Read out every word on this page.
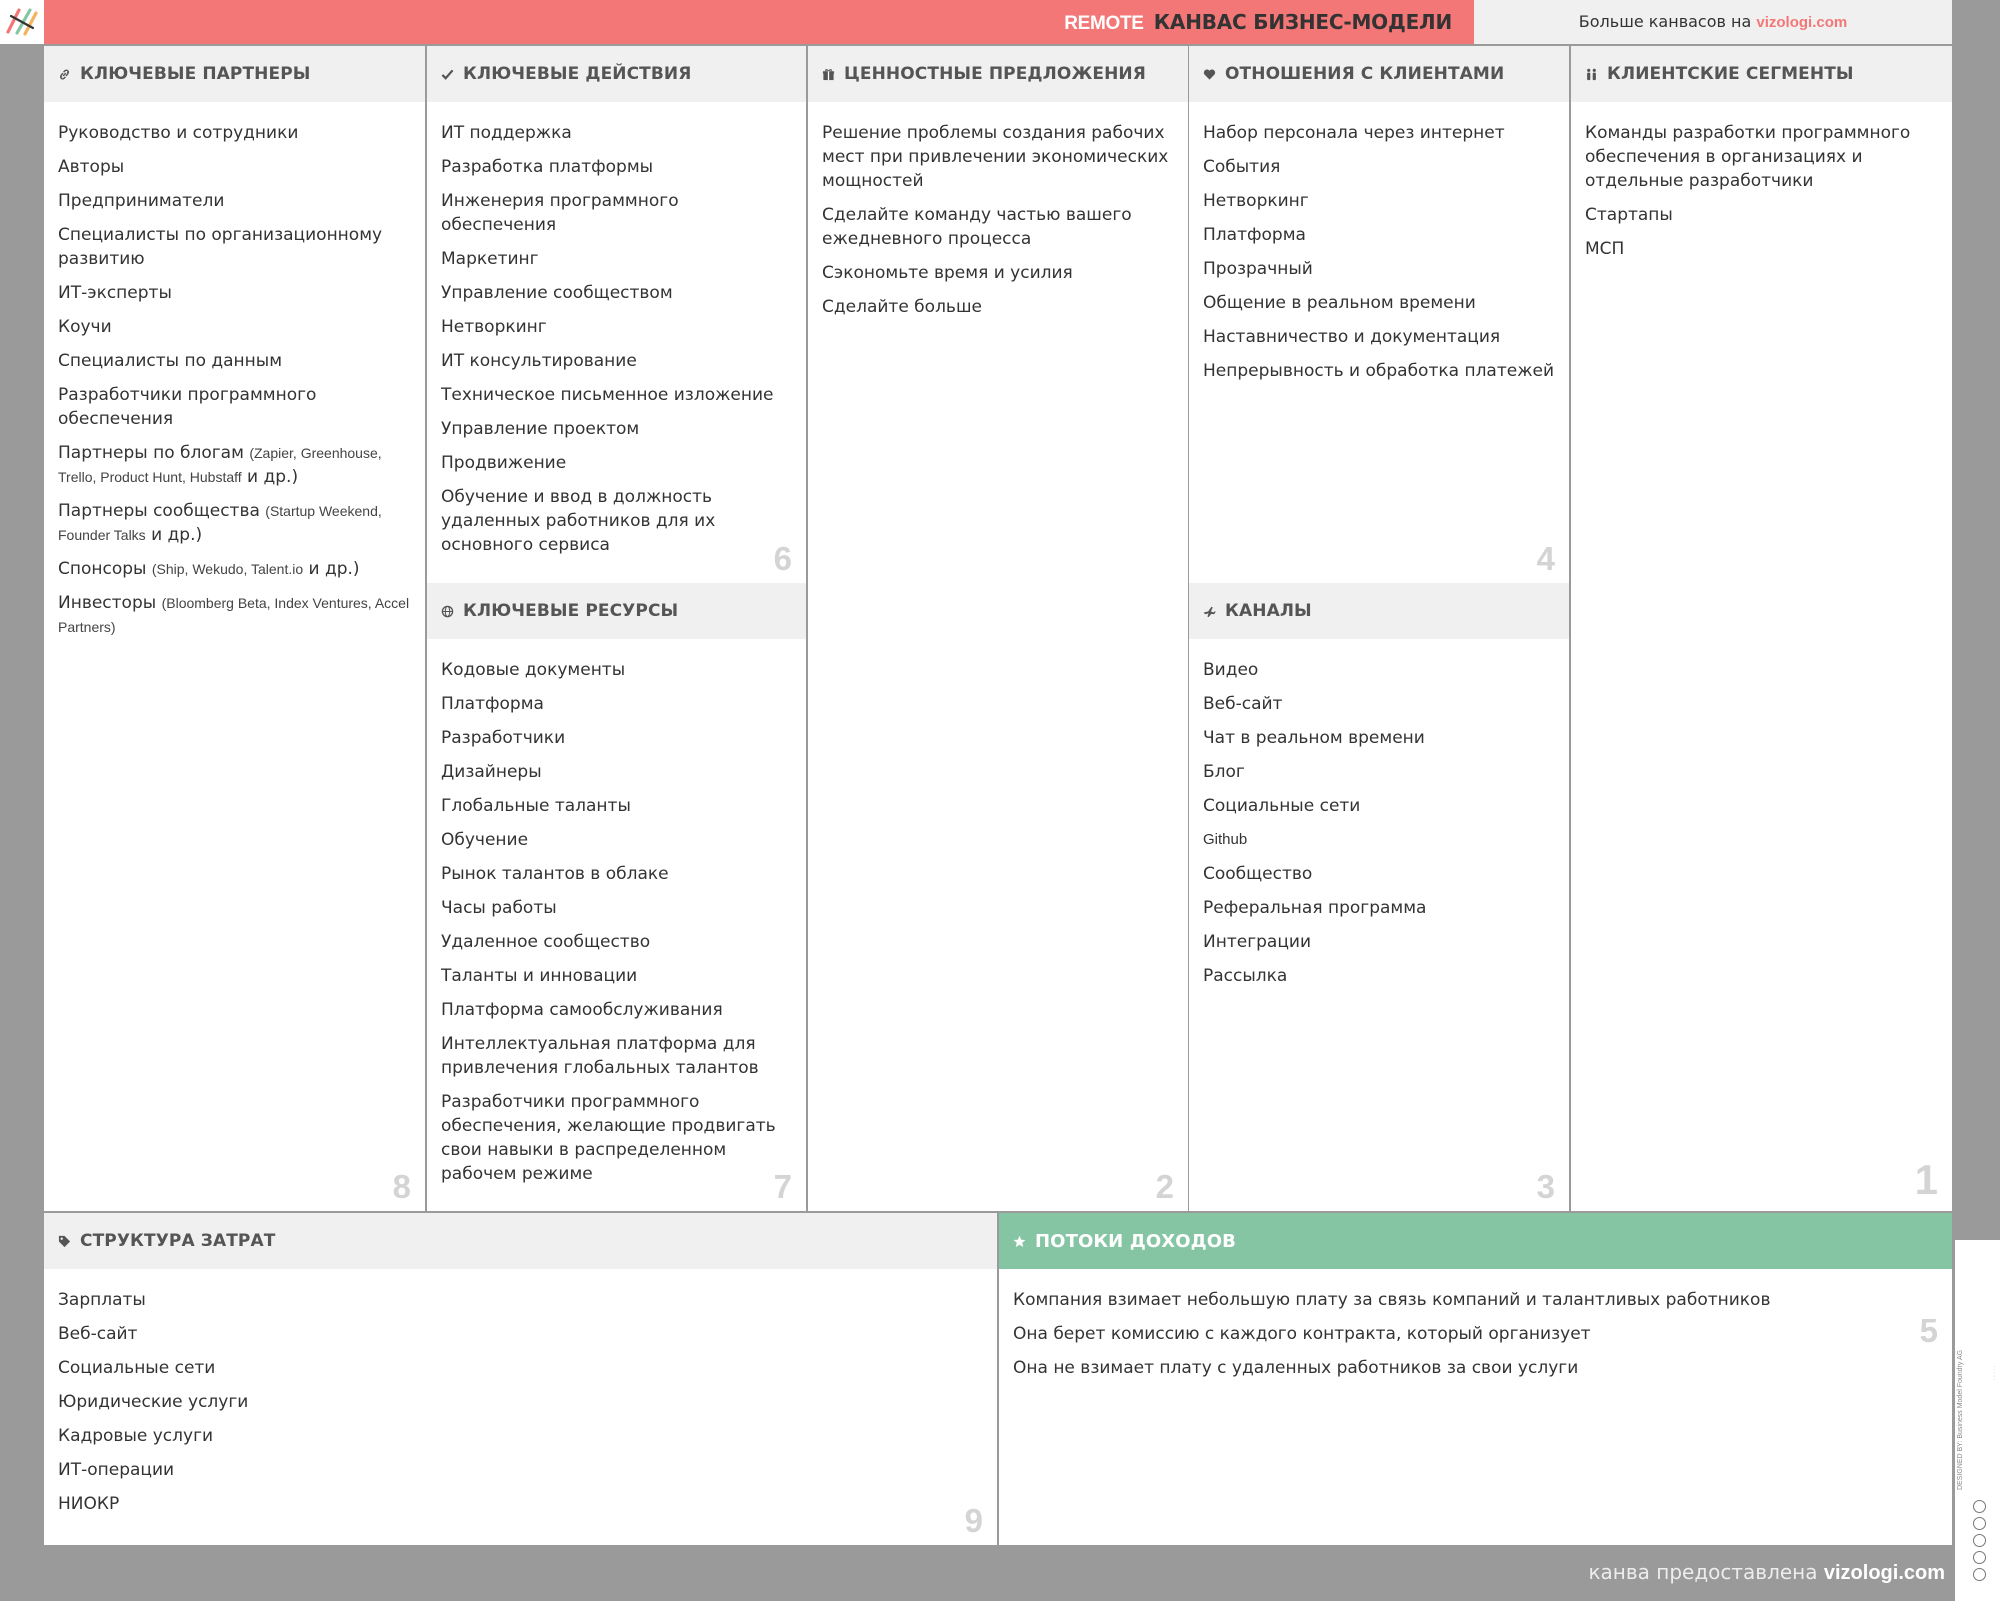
REMOTE КАНВАС БИЗНЕС-МОДЕЛИ	Больше канвасов на vizologi.com
КЛЮЧЕВЫЕ ПАРТНЕРЫ
Руководство и сотрудники
Авторы
Предприниматели
Специалисты по организационному развитию
ИТ-эксперты
Коучи
Специалисты по данным
Разработчики программного обеспечения
Партнеры по блогам (Zapier, Greenhouse, Trello, Product Hunt, Hubstaff и др.)
Партнеры сообщества (Startup Weekend, Founder Talks и др.)
Спонсоры (Ship, Wekudo, Talent.io и др.)
Инвесторы (Bloomberg Beta, Index Ventures, Accel Partners)
8
КЛЮЧЕВЫЕ ДЕЙСТВИЯ
ИТ поддержка
Разработка платформы
Инженерия программного обеспечения
Маркетинг
Управление сообществом
Нетворкинг
ИТ консультирование
Техническое письменное изложение
Управление проектом
Продвижение
Обучение и ввод в должность удаленных работников для их основного сервиса	6
КЛЮЧЕВЫЕ РЕСУРСЫ
Кодовые документы
Платформа
Разработчики
Дизайнеры
Глобальные таланты
Обучение
Рынок талантов в облаке
Часы работы
Удаленное сообщество
Таланты и инновации
Платформа самообслуживания
Интеллектуальная платформа для привлечения глобальных талантов
Разработчики программного обеспечения, желающие продвигать свои навыки в распределенном рабочем режиме	7
ЦЕННОСТНЫЕ ПРЕДЛОЖЕНИЯ
Решение проблемы создания рабочих мест при привлечении экономических мощностей
Сделайте команду частью вашего ежедневного процесса
Сэкономьте время и усилия
Сделайте больше
2
ОТНОШЕНИЯ С КЛИЕНТАМИ
Набор персонала через интернет
События
Нетворкинг
Платформа
Прозрачный
Общение в реальном времени
Наставничество и документация
Непрерывность и обработка платежей
4
КАНАЛЫ
Видео
Веб-сайт
Чат в реальном времени
Блог
Социальные сети
Github
Сообщество
Реферальная программа
Интеграции
Рассылка
3
КЛИЕНТСКИЕ СЕГМЕНТЫ
Команды разработки программного обеспечения в организациях и отдельные разработчики
Стартапы
МСП
1
СТРУКТУРА ЗАТРАТ
Зарплаты
Веб-сайт
Социальные сети
Юридические услуги
Кадровые услуги
ИТ-операции
НИОКР	9
ПОТОКИ ДОХОДОВ
Компания взимает небольшую плату за связь компаний и талантливых работников
Она берет комиссию с каждого контракта, который организует
Она не взимает плату с удаленных работников за свои услуги
5
· · · · ·
DESIGNED BY: Business Model Foundry AG
канва предоставлена vizologi.com
